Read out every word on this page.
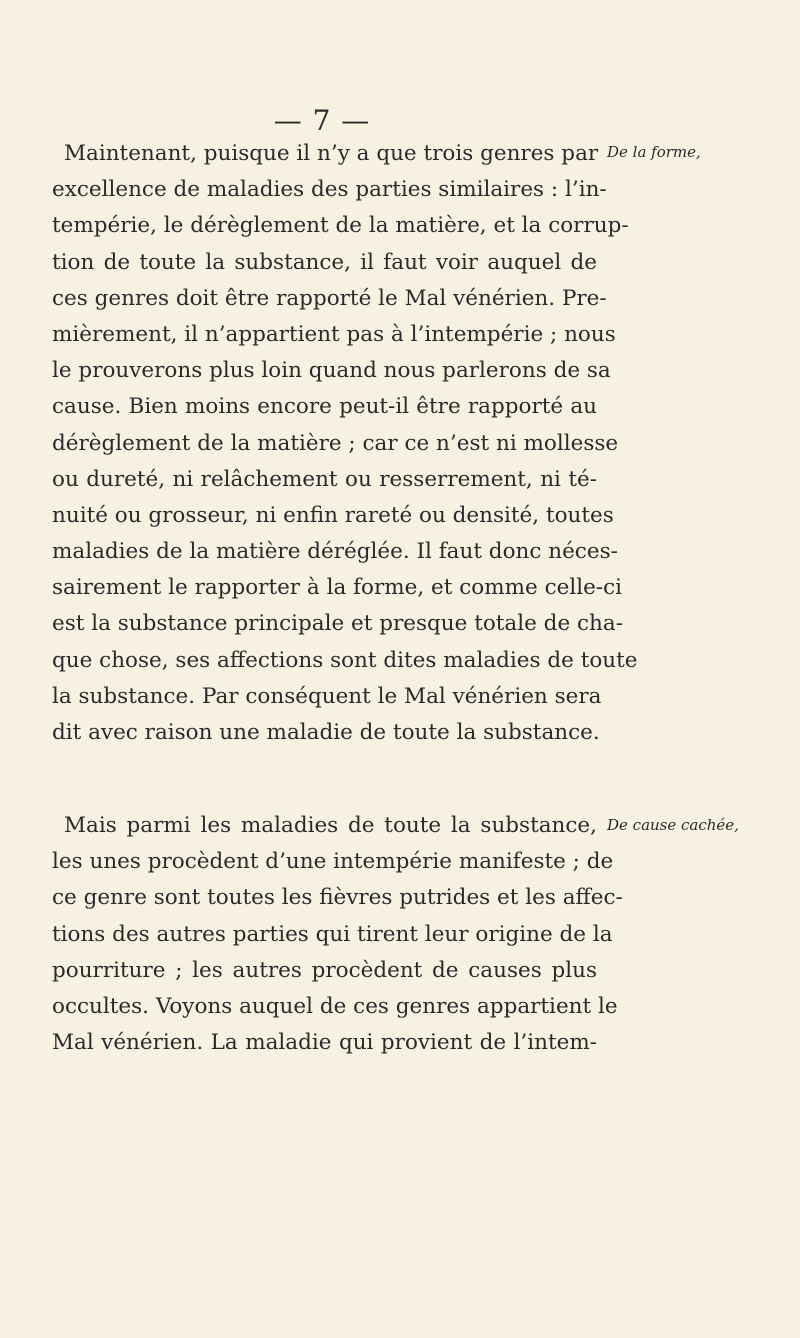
— 7 —
De la forme,
Maintenant, puisque il n’y a que trois genres par
excellence de maladies des parties similaires : l’in-
tempérie, le dérèglement de la matière, et la corrup-
tion de toute la substance, il faut voir auquel de
ces genres doit être rapporté le Mal vénérien. Pre-
mièrement, il n’appartient pas à l’intempérie ; nous
le prouverons plus loin quand nous parlerons de sa
cause. Bien moins encore peut-il être rapporté au
dérèglement de la matière ; car ce n’est ni mollesse
ou dureté, ni relâchement ou resserrement, ni té-
nuité ou grosseur, ni enfin rareté ou densité, toutes
maladies de la matière déréglée. Il faut donc néces-
sairement le rapporter à la forme, et comme celle-ci
est la substance principale et presque totale de cha-
que chose, ses affections sont dites maladies de toute
la substance. Par conséquent le Mal vénérien sera
dit avec raison une maladie de toute la substance.
De cause cachée,
Mais parmi les maladies de toute la substance,
les unes procèdent d’une intempérie manifeste ; de
ce genre sont toutes les fièvres putrides et les affec-
tions des autres parties qui tirent leur origine de la
pourriture ; les autres procèdent de causes plus
occultes. Voyons auquel de ces genres appartient le
Mal vénérien. La maladie qui provient de l’intem-
